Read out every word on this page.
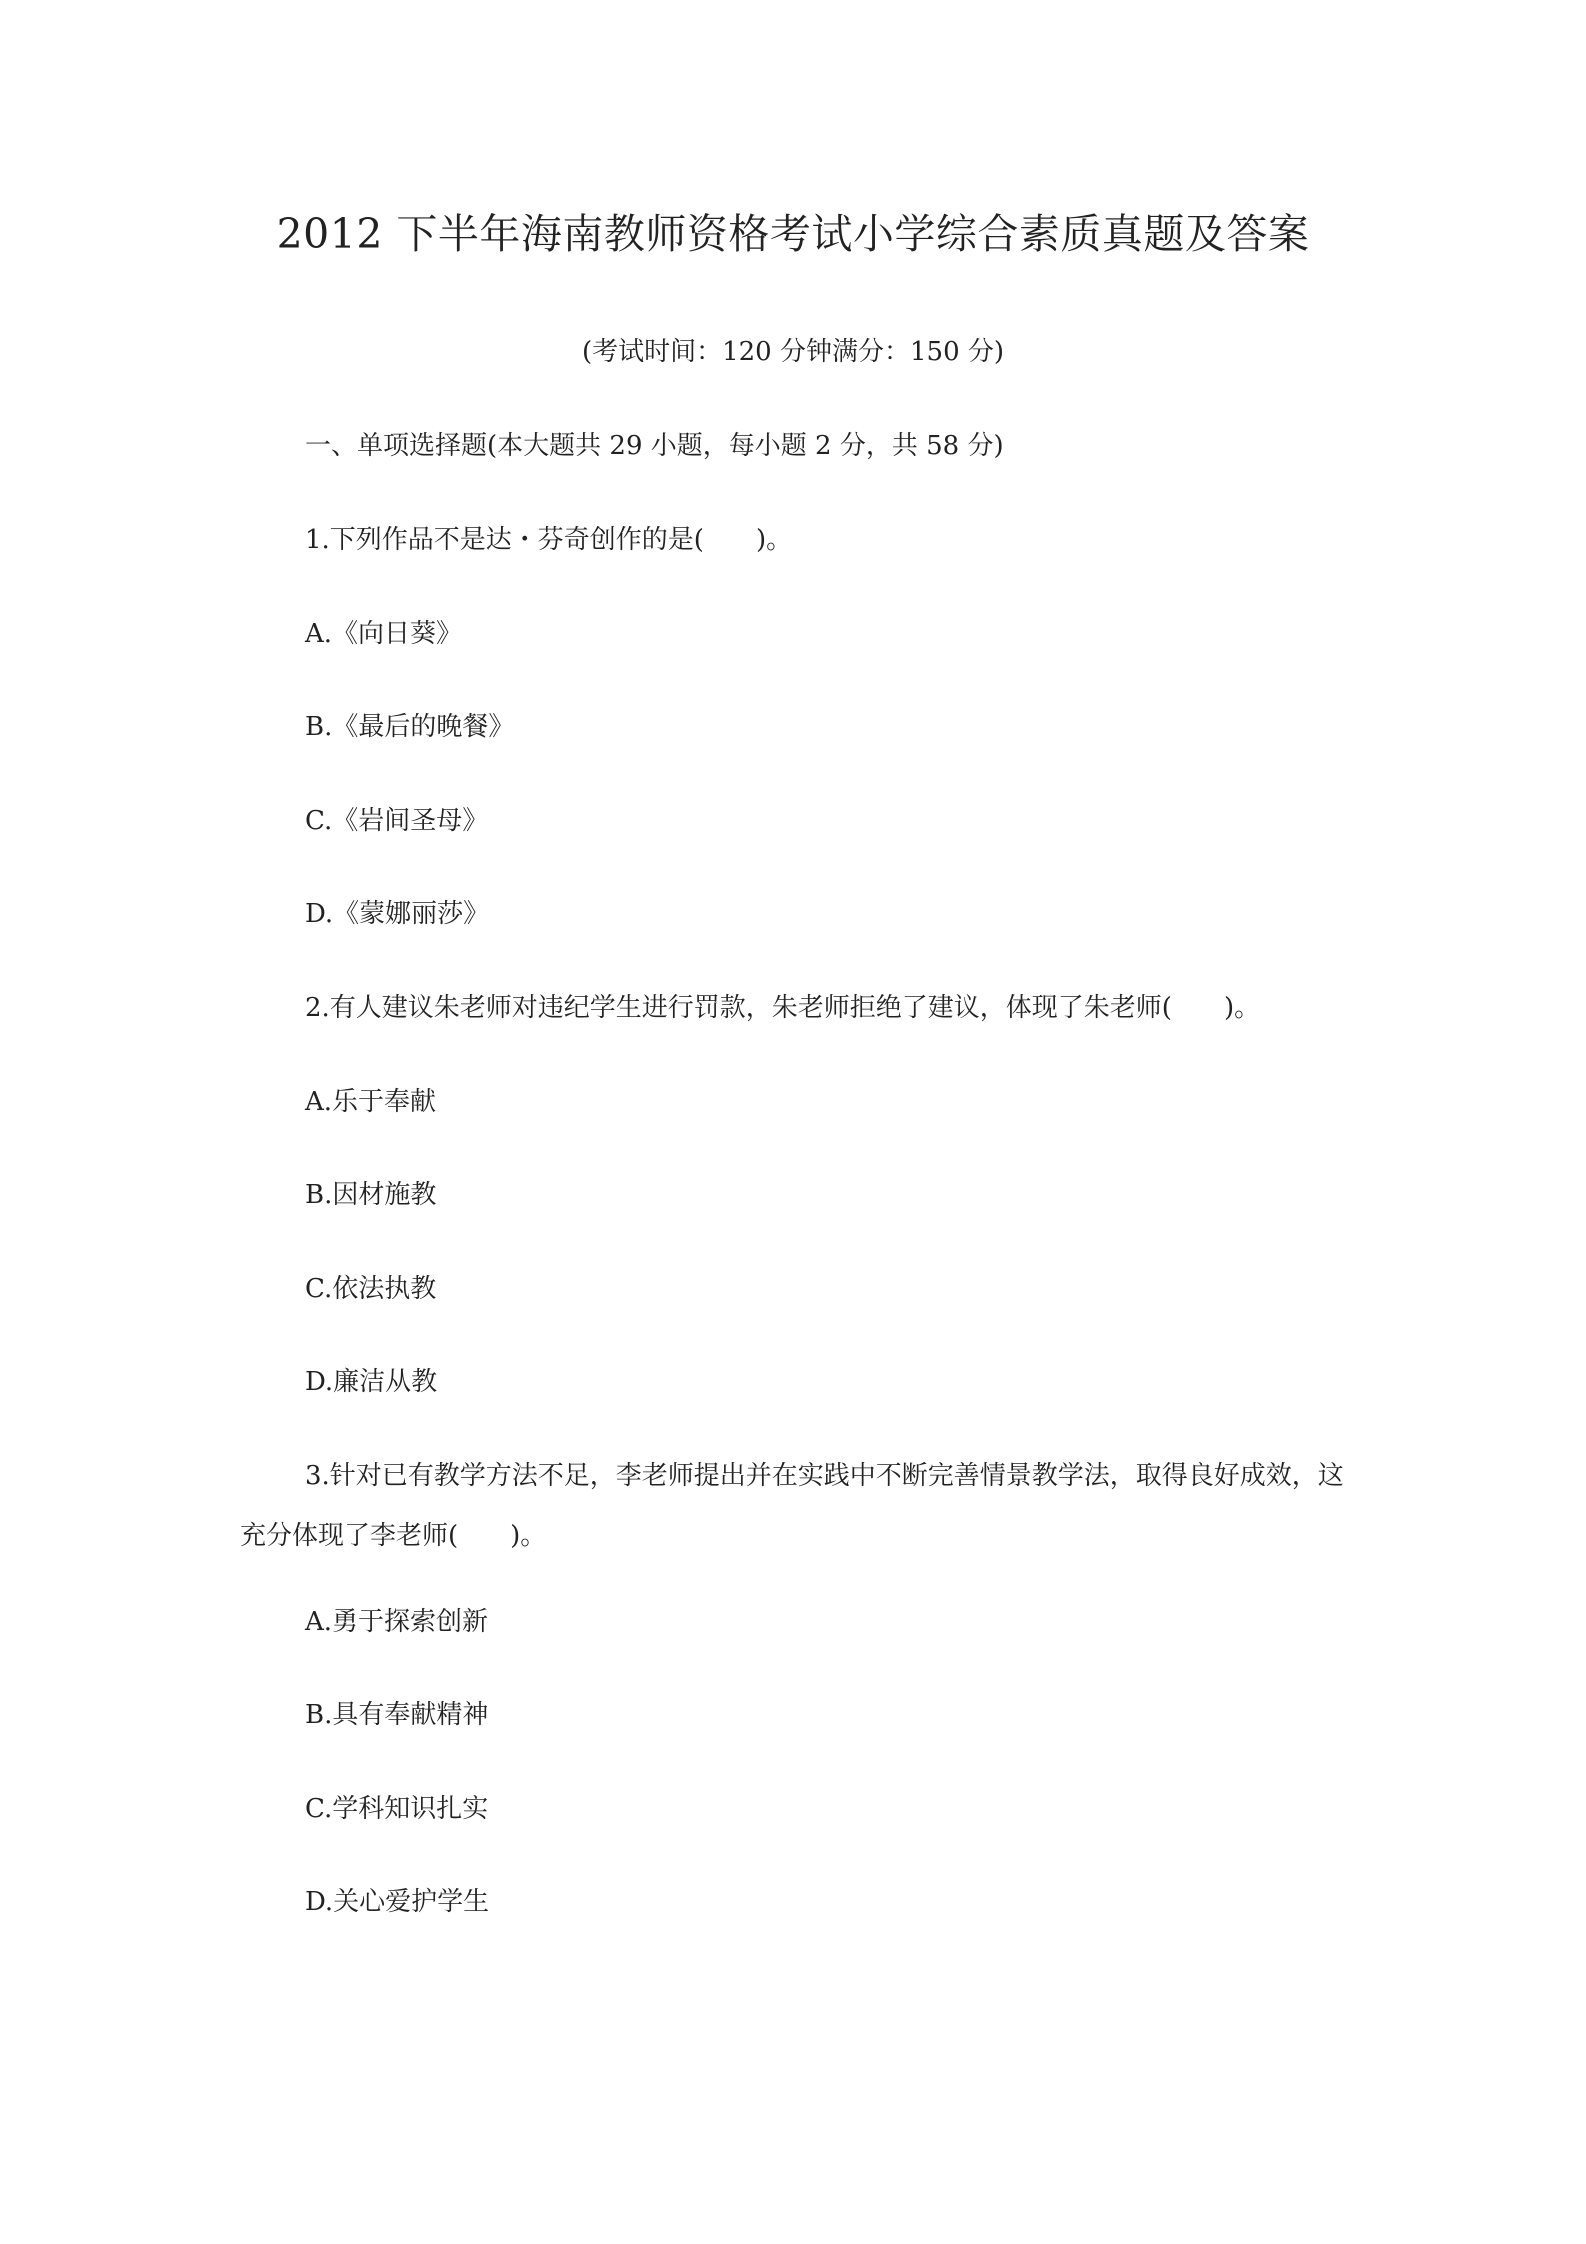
2012 下半年海南教师资格考试小学综合素质真题及答案
(考试时间：120 分钟满分：150 分)
一、单项选择题(本大题共 29 小题，每小题 2 分，共 58 分)
1.下列作品不是达・芬奇创作的是(　　)。
A.《向日葵》
B.《最后的晚餐》
C.《岩间圣母》
D.《蒙娜丽莎》
2.有人建议朱老师对违纪学生进行罚款，朱老师拒绝了建议，体现了朱老师(　　)。
A.乐于奉献
B.因材施教
C.依法执教
D.廉洁从教
3.针对已有教学方法不足，李老师提出并在实践中不断完善情景教学法，取得良好成效，这充分体现了李老师(　　)。
A.勇于探索创新
B.具有奉献精神
C.学科知识扎实
D.关心爱护学生
